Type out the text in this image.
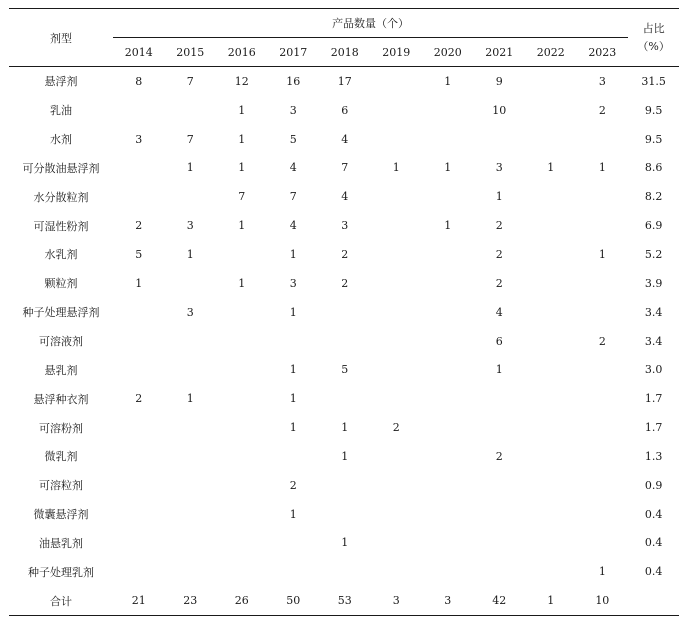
剂型	产品数量（个）										占比
（%）

	2014	2015	2016	2017	2018	2019	2020	2021	2022	2023	
悬浮剂	8	7	12	16	17		1	9		3	31.5
乳油			1	3	6			10		2	9.5
水剂	3	7	1	5	4						9.5
可分散油悬浮剂		1	1	4	7	1	1	3	1	1	8.6
水分散粒剂			7	7	4			1			8.2
可湿性粉剂	2	3	1	4	3		1	2			6.9
水乳剂	5	1		1	2			2		1	5.2
颗粒剂	1		1	3	2			2			3.9
种子处理悬浮剂		3		1				4			3.4
可溶液剂								6		2	3.4
悬乳剂				1	5			1			3.0
悬浮种衣剂	2	1		1							1.7
可溶粉剂				1	1	2					1.7
微乳剂					1			2			1.3
可溶粒剂				2							0.9
微囊悬浮剂				1							0.4
油悬乳剂					1						0.4
种子处理乳剂										1	0.4
合计	21	23	26	50	53	3	3	42	1	10	
